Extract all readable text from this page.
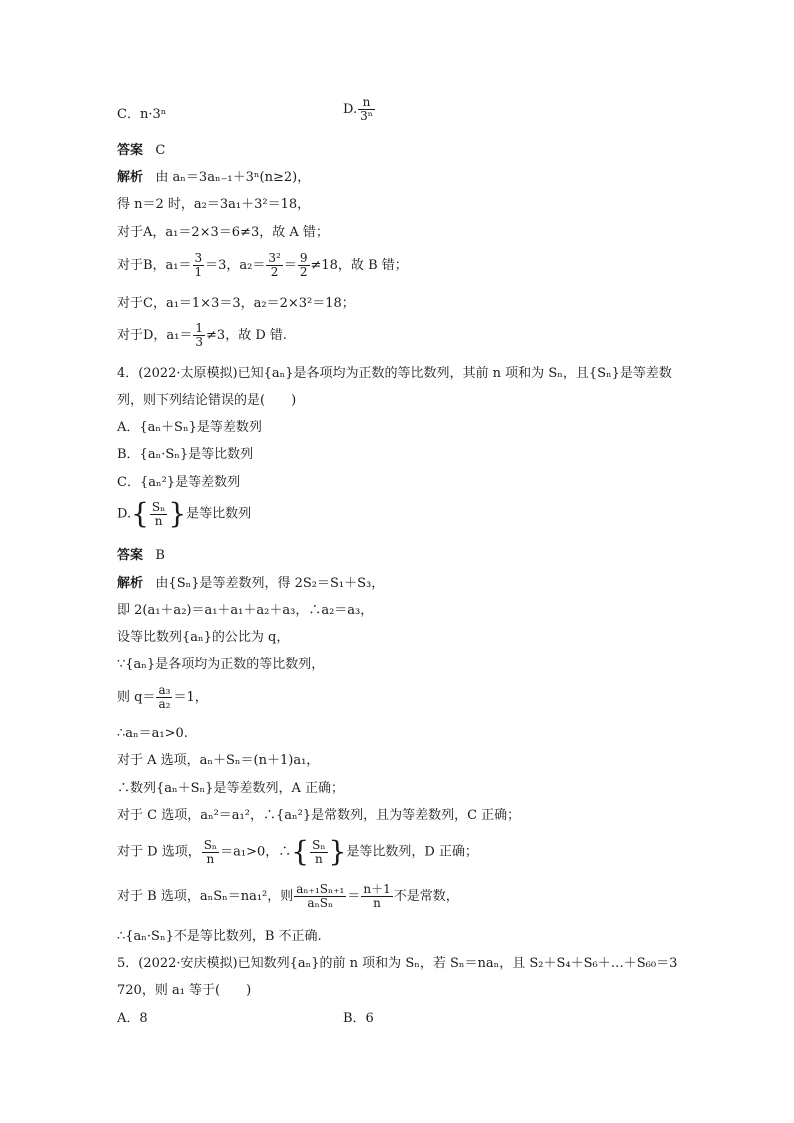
C．n·3ⁿ	D. $\frac{n}{\text{3ⁿ}}$
答案 C
解析 由 aₙ＝3aₙ₋₁＋3ⁿ(n≥2)，
得 n＝2 时，a₂＝3a₁＋3²＝18，
对于A，a₁＝2×3＝6≠3，故 A 错；
对于B，$a_1= \frac{3}{1} =3$，$a_2= \frac{\text{3²}}{2} = \frac{9}{2} \ne 18$，故 B 错；
对于C，a₁＝1×3＝3，a₂＝2×3²＝18；
对于D，$a_1= \frac{1}{3} \ne 3$，故 D 错.
4．(2022·太原模拟)已知{aₙ}是各项均为正数的等比数列，其前 n 项和为 Sₙ，且{Sₙ}是等差数
列，则下列结论错误的是(　　)
A．{aₙ＋Sₙ}是等差数列
B．{aₙ·Sₙ}是等比数列
C．{aₙ²}是等差数列
$D.\{ \frac{\text{Sₙ}}{n}$ }是等比数列
答案 B
解析 由{Sₙ}是等差数列，得 2S₂＝S₁＋S₃，
即 2(a₁＋a₂)＝a₁＋a₁＋a₂＋a₃，∴a₂＝a₃，
设等比数列{aₙ}的公比为 q，
∵{aₙ}是各项均为正数的等比数列，
则 $q= \frac{\text{a₃}}{\text{a₂}} =1$，
∴aₙ＝a₁>0.
对于 A 选项，aₙ＋Sₙ＝(n＋1)a₁，
∴数列{aₙ＋Sₙ}是等差数列，A 正确；
对于 C 选项，aₙ²＝a₁²，∴{aₙ²}是常数列，且为等差数列，C 正确；
对于 D 选项， $\frac{\text{Sₙ}}{n} =a_1>0$，∴{ $\frac{\text{Sₙ}}{n}$ }是等比数列，D 正确；
对于 B 选项，aₙSₙ＝na₁²，则 $\frac{\text{aₙ₊₁Sₙ₊₁}}{\text{aₙSₙ}} = \frac{n+1}{n}$ 不是常数，
∴{aₙ·Sₙ}不是等比数列，B 不正确.
5．(2022·安庆模拟)已知数列{aₙ}的前 n 项和为 Sₙ，若 Sₙ＝naₙ，且 S₂＋S₄＋S₆＋…＋S₆₀＝3
720，则 a₁ 等于(　　)
A．8	B．6
